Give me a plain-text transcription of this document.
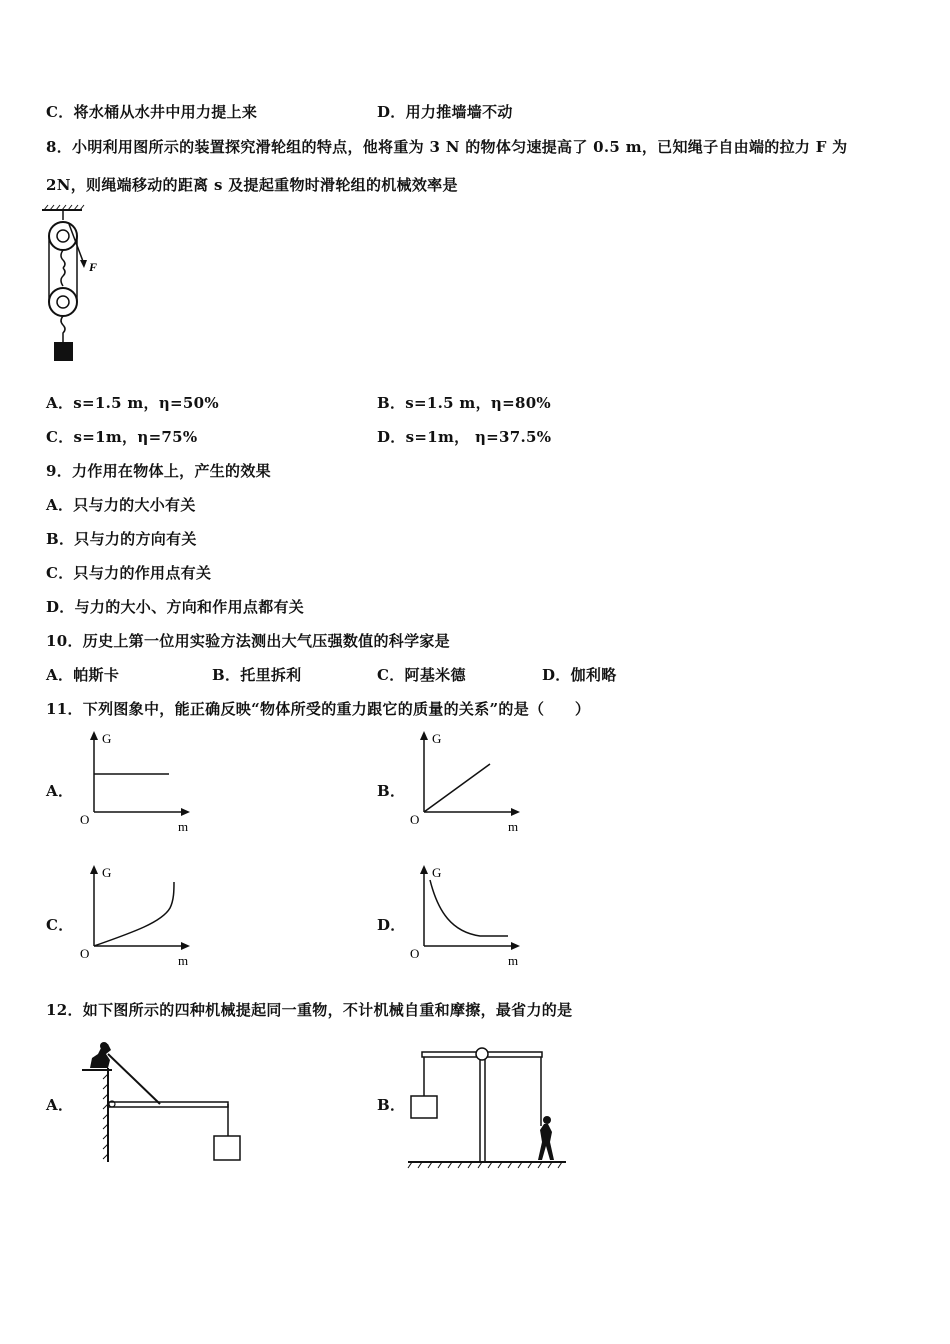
C．将水桶从水井中用力提上来	D．用力推墙墙不动
8．小明利用图所示的装置探究滑轮组的特点，他将重为 3 N 的物体匀速提高了 0.5 m，已知绳子自由端的拉力 F 为
2N，则绳端移动的距离 s 及提起重物时滑轮组的机械效率是
F
A．s=1.5 m，η=50%	B．s=1.5 m，η=80%
C．s=1m，η=75%	D．s=1m， η=37.5%
9．力作用在物体上，产生的效果
A．只与力的大小有关
B．只与力的方向有关
C．只与力的作用点有关
D．与力的大小、方向和作用点都有关
10．历史上第一位用实验方法测出大气压强数值的科学家是
A．帕斯卡	B．托里拆利	C．阿基米德	D．伽利略
11．下列图象中，能正确反映“物体所受的重力跟它的质量的关系”的是（　　）
A．
G
O	m
B．
G
O	m
C．
G
O	m
D．
G
O	m
12．如下图所示的四种机械提起同一重物，不计机械自重和摩擦，最省力的是
A．	B．
